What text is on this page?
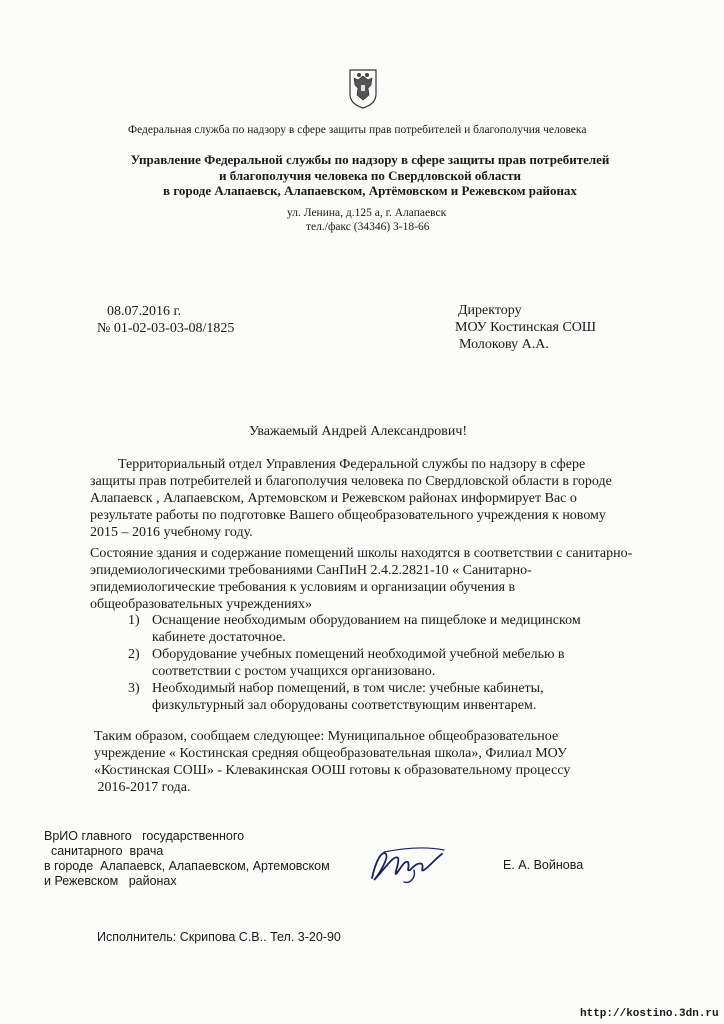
Федеральная служба по надзору в сфере защиты прав потребителей и благополучия человека
Управление Федеральной службы по надзору в сфере защиты прав потребителей
и благополучия человека по Свердловской области
в городе Алапаевск, Алапаевском, Артёмовском и Режевском районах
ул. Ленина, д.125 а, г. Алапаевск
тел./факс (34346) 3-18-66
08.07.2016 г.
№ 01-02-03-03-08/1825
Директору
МОУ Костинская СОШ
Молокову А.А.
Уважаемый Андрей Александрович!
Территориальный отдел Управления Федеральной службы по надзору в сфере
защиты прав потребителей и благополучия человека по Свердловской области в городе
Алапаевск , Алапаевском, Артемовском и Режевском районах информирует Вас о
результате работы по подготовке Вашего общеобразовательного учреждения к новому
2015 – 2016 учебному году.
Состояние здания и содержание помещений школы находятся в соответствии с санитарно-
эпидемиологическими требованиями СанПиН 2.4.2.2821-10 « Санитарно-
эпидемиологические требования к условиям и организации обучения в
общеобразовательных учреждениях»
1) Оснащение необходимым оборудованием на пищеблоке и медицинском
кабинете достаточное.
2) Оборудование учебных помещений необходимой учебной мебелью в
соответствии с ростом учащихся организовано.
3) Необходимый набор помещений, в том числе: учебные кабинеты,
физкультурный зал оборудованы соответствующим инвентарем.
Таким образом, сообщаем следующее: Муниципальное общеобразовательное
учреждение « Костинская средняя общеобразовательная школа», Филиал МОУ
«Костинская СОШ» - Клевакинская ООШ готовы к образовательному процессу
2016-2017 года.
ВрИО главного   государственного
санитарного  врача
в городе  Алапаевск, Алапаевском, Артемовском
и Режевском   районах
Е. А. Войнова
Исполнитель: Скрипова С.В.. Тел. 3-20-90
http://kostino.3dn.ru
